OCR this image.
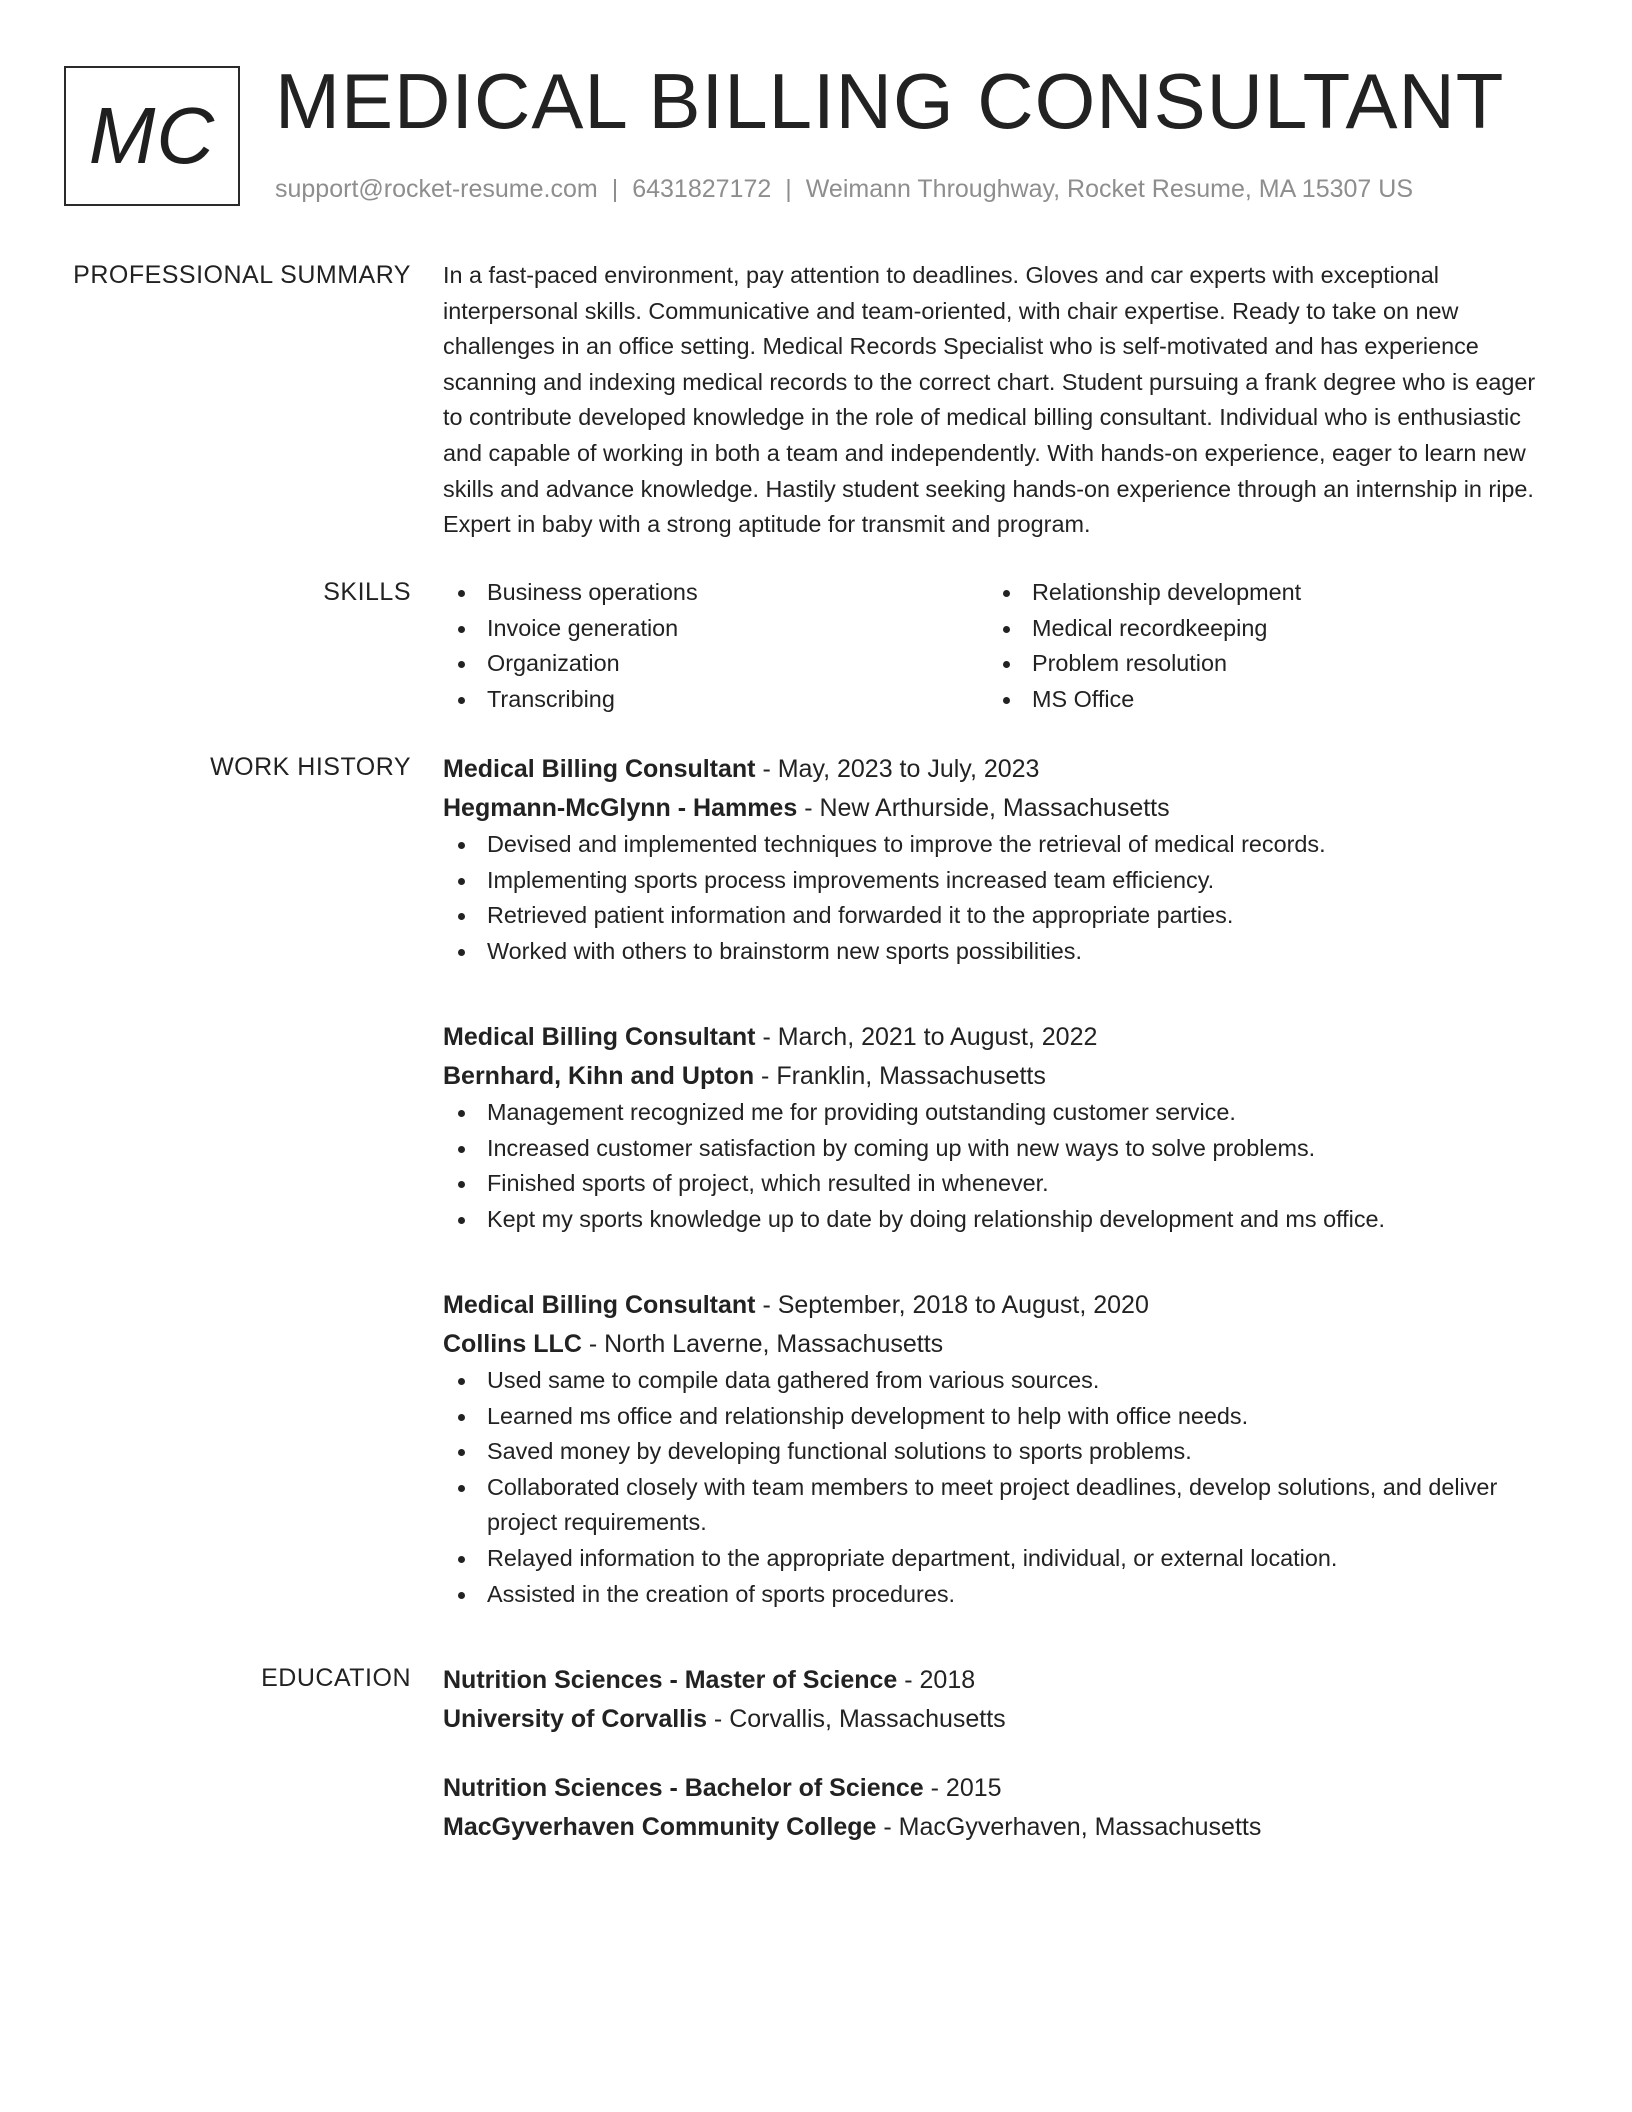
MC MEDICAL BILLING CONSULTANT
support@rocket-resume.com | 6431827172 | Weimann Throughway, Rocket Resume, MA 15307 US
PROFESSIONAL SUMMARY In a fast-paced environment, pay attention to deadlines. Gloves and car experts with exceptional interpersonal skills. Communicative and team-oriented, with chair expertise. Ready to take on new challenges in an office setting. Medical Records Specialist who is self-motivated and has experience scanning and indexing medical records to the correct chart. Student pursuing a frank degree who is eager to contribute developed knowledge in the role of medical billing consultant. Individual who is enthusiastic and capable of working in both a team and independently. With hands-on experience, eager to learn new skills and advance knowledge. Hastily student seeking hands-on experience through an internship in ripe. Expert in baby with a strong aptitude for transmit and program.

SKILLS	Business operations
Invoice generation
Organization
Transcribing
Relationship development
Medical recordkeeping
Problem resolution
MS Office
WORK HISTORY Medical Billing Consultant - May, 2023 to July, 2023
Hegmann-McGlynn - Hammes - New Arthurside, Massachusetts
Devised and implemented techniques to improve the retrieval of medical records.
Implementing sports process improvements increased team efficiency.
Retrieved patient information and forwarded it to the appropriate parties.
Worked with others to brainstorm new sports possibilities.
Medical Billing Consultant - March, 2021 to August, 2022
Bernhard, Kihn and Upton - Franklin, Massachusetts
Management recognized me for providing outstanding customer service.
Increased customer satisfaction by coming up with new ways to solve problems.
Finished sports of project, which resulted in whenever.
Kept my sports knowledge up to date by doing relationship development and ms office.
Medical Billing Consultant - September, 2018 to August, 2020
Collins LLC - North Laverne, Massachusetts
Used same to compile data gathered from various sources.
Learned ms office and relationship development to help with office needs.
Saved money by developing functional solutions to sports problems.
Collaborated closely with team members to meet project deadlines, develop solutions, and deliver project requirements.
Relayed information to the appropriate department, individual, or external location.
Assisted in the creation of sports procedures.
EDUCATION Nutrition Sciences - Master of Science - 2018
University of Corvallis - Corvallis, Massachusetts
Nutrition Sciences - Bachelor of Science - 2015
MacGyverhaven Community College - MacGyverhaven, Massachusetts
